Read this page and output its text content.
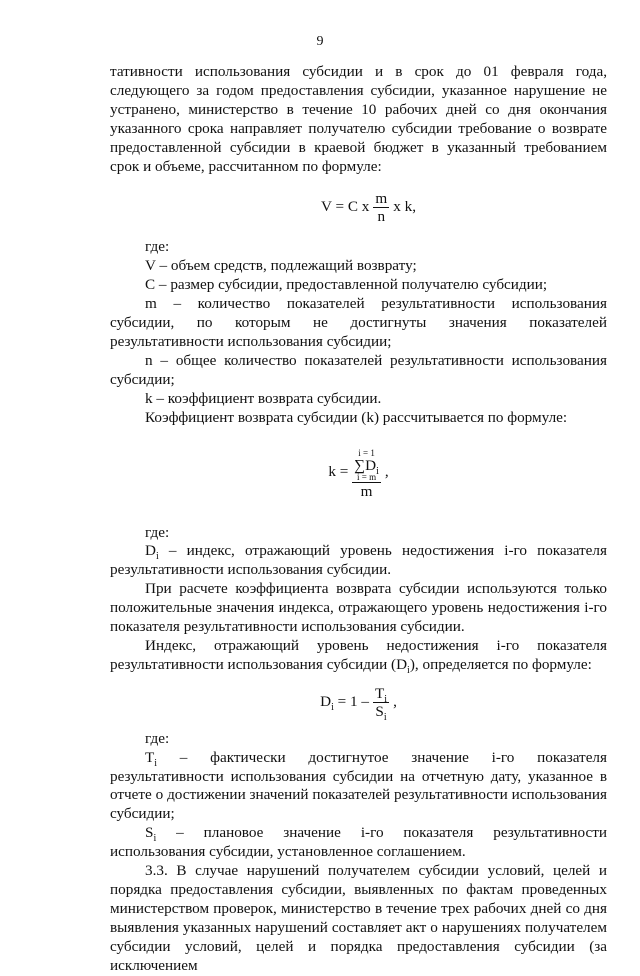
9

тативности использования субсидии и в срок до 01 февраля года, следующего за годом предоставления субсидии, указанное нарушение не устранено, министерство в течение 10 рабочих дней со дня окончания указанного срока направляет получателю субсидии требование о возврате предоставленной субсидии в краевой бюджет в указанный требованием срок и объеме, рассчитанном по формуле:

V = C x $\frac{m}{n}$ x k,

где:

V – объем средств, подлежащий возврату;

C – размер субсидии, предоставленной получателю субсидии;

m – количество показателей результативности использования субсидии, по которым не достигнуты значения показателей результативности использования субсидии;

n – общее количество показателей результативности использования субсидии;

k – коэффициент возврата субсидии.

Коэффициент возврата субсидии (k) рассчитывается по формуле:

k = i = 1
$\sum D_i$
i = m
m ,

где:

$D_i$ – индекс, отражающий уровень недостижения i-го показателя результативности использования субсидии.

При расчете коэффициента возврата субсидии используются только положительные значения индекса, отражающего уровень недостижения i-го показателя результативности использования субсидии.

Индекс, отражающий уровень недостижения i-го показателя результативности использования субсидии $(D_i)$, определяется по формуле:

$D_i = 1 - \frac{T_i}{S_i}$ ,

где:

$T_i$ – фактически достигнутое значение i-го показателя результативности использования субсидии на отчетную дату, указанное в отчете о достижении значений показателей результативности использования субсидии;

$S_i$ – плановое значение i-го показателя результативности использования субсидии, установленное соглашением.

3.3. В случае нарушений получателем субсидии условий, целей и порядка предоставления субсидии, выявленных по фактам проведенных министерством проверок, министерство в течение трех рабочих дней со дня выявления указанных нарушений составляет акт о нарушениях получателем субсидии условий, целей и порядка предоставления субсидии (за исключением
